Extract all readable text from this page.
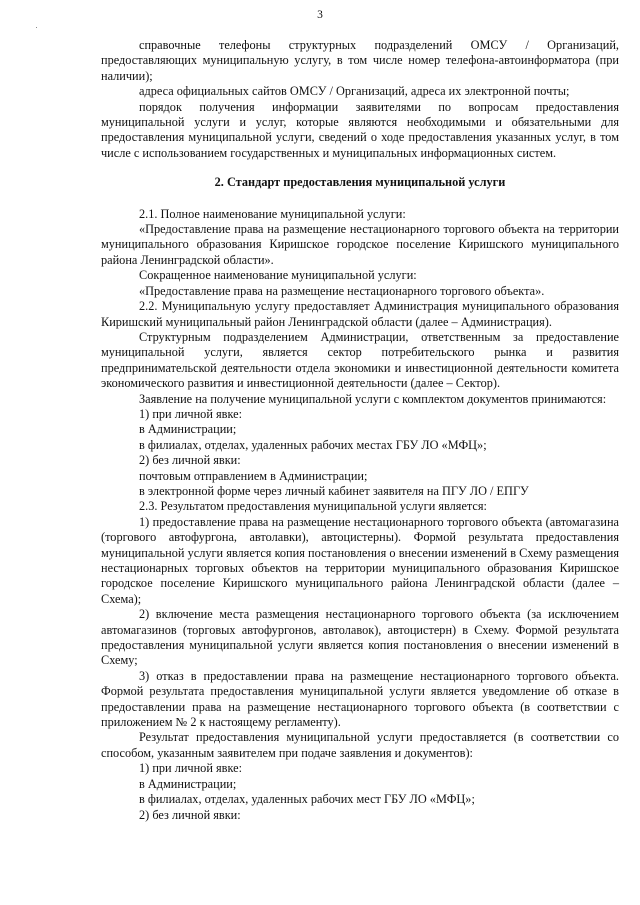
3

справочные телефоны структурных подразделений ОМСУ / Организаций, предоставляющих муниципальную услугу, в том числе номер телефона-автоинформатора (при наличии);

адреса официальных сайтов ОМСУ / Организаций, адреса их электронной почты;

порядок получения информации заявителями по вопросам предоставления муниципальной услуги и услуг, которые являются необходимыми и обязательными для предоставления муниципальной услуги, сведений о ходе предоставления указанных услуг, в том числе с использованием государственных и муниципальных информационных систем.

2. Стандарт предоставления муниципальной услуги

2.1. Полное наименование муниципальной услуги:

«Предоставление права на размещение нестационарного торгового объекта на территории муниципального образования Киришское городское поселение Киришского муниципального района Ленинградской области».

Сокращенное наименование муниципальной услуги:

«Предоставление права на размещение нестационарного торгового объекта».

2.2. Муниципальную услугу предоставляет Администрация муниципального образования Киришский муниципальный район Ленинградской области (далее – Администрация).

Структурным подразделением Администрации, ответственным за предоставление муниципальной услуги, является сектор потребительского рынка и развития предпринимательской деятельности отдела экономики и инвестиционной деятельности комитета экономического развития и инвестиционной деятельности (далее – Сектор).

Заявление на получение муниципальной услуги с комплектом документов принимаются:

1) при личной явке:

в Администрации;

в филиалах, отделах, удаленных рабочих местах ГБУ ЛО «МФЦ»;

2) без личной явки:

почтовым отправлением в Администрации;

в электронной форме через личный кабинет заявителя на ПГУ ЛО / ЕПГУ

2.3. Результатом предоставления муниципальной услуги является:

1) предоставление права на размещение нестационарного торгового объекта (автомагазина (торгового автофургона, автолавки), автоцистерны). Формой результата предоставления муниципальной услуги является копия постановления о внесении изменений в Схему размещения нестационарных торговых объектов на территории муниципального образования Киришское городское поселение Киришского муниципального района Ленинградской области (далее – Схема);

2) включение места размещения нестационарного торгового объекта (за исключением автомагазинов (торговых автофургонов, автолавок), автоцистерн) в Схему. Формой результата предоставления муниципальной услуги является копия постановления о внесении изменений в Схему;

3) отказ в предоставлении права на размещение нестационарного торгового объекта. Формой результата предоставления муниципальной услуги является уведомление об отказе в предоставлении права на размещение нестационарного торгового объекта (в соответствии с приложением № 2 к настоящему регламенту).

Результат предоставления муниципальной услуги предоставляется (в соответствии со способом, указанным заявителем при подаче заявления и документов):

1) при личной явке:

в Администрации;

в филиалах, отделах, удаленных рабочих мест ГБУ ЛО «МФЦ»;

2) без личной явки:
